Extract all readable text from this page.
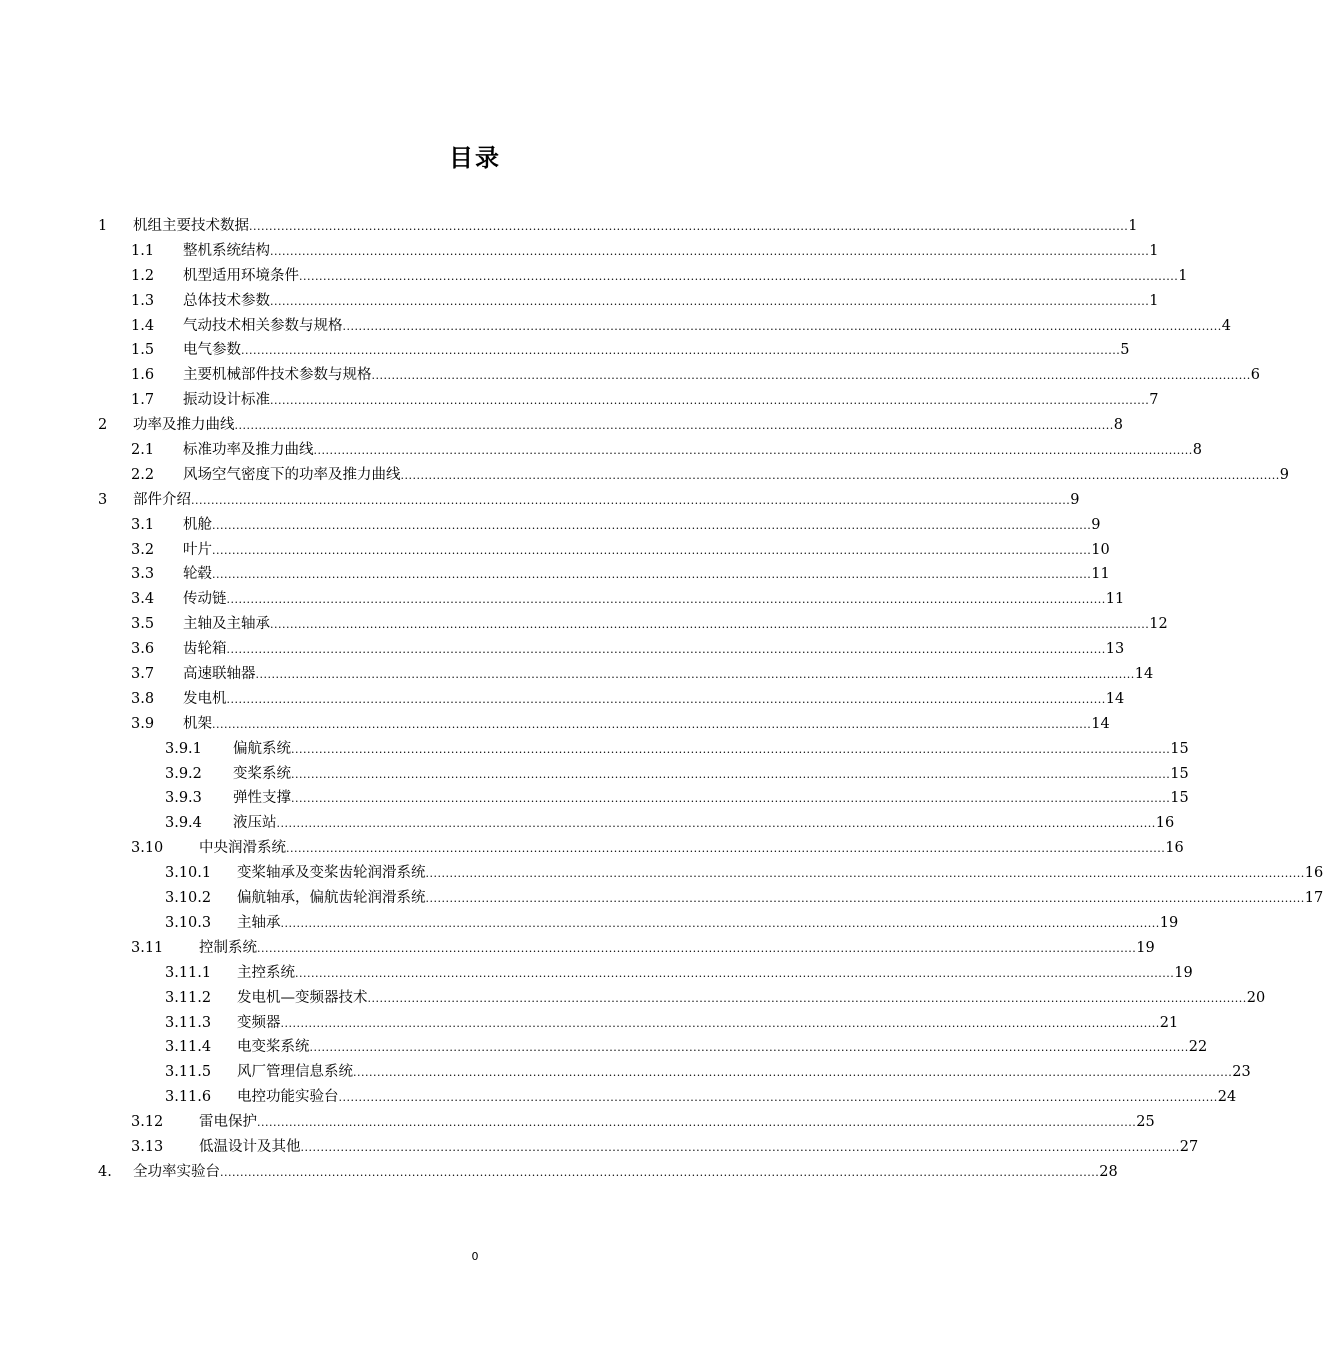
目录
1 机组主要技术数据 ............................................................................................................................................................................................................................ 1
1.1 整机系统结构 ............................................................................................................................................................................................................................ 1
1.2 机型适用环境条件 ............................................................................................................................................................................................................................ 1
1.3 总体技术参数 ............................................................................................................................................................................................................................ 1
1.4 气动技术相关参数与规格 ............................................................................................................................................................................................................................ 4
1.5 电气参数 ............................................................................................................................................................................................................................ 5
1.6 主要机械部件技术参数与规格 ............................................................................................................................................................................................................................ 6
1.7 振动设计标准 ............................................................................................................................................................................................................................ 7
2 功率及推力曲线 ............................................................................................................................................................................................................................ 8
2.1 标准功率及推力曲线 ............................................................................................................................................................................................................................ 8
2.2 风场空气密度下的功率及推力曲线 ............................................................................................................................................................................................................................ 9
3 部件介绍 ............................................................................................................................................................................................................................ 9
3.1 机舱 ............................................................................................................................................................................................................................ 9
3.2 叶片 ............................................................................................................................................................................................................................ 10
3.3 轮毂 ............................................................................................................................................................................................................................ 11
3.4 传动链 ............................................................................................................................................................................................................................ 11
3.5 主轴及主轴承 ............................................................................................................................................................................................................................ 12
3.6 齿轮箱 ............................................................................................................................................................................................................................ 13
3.7 高速联轴器 ............................................................................................................................................................................................................................ 14
3.8 发电机 ............................................................................................................................................................................................................................ 14
3.9 机架 ............................................................................................................................................................................................................................ 14
3.9.1 偏航系统 ............................................................................................................................................................................................................................ 15
3.9.2 变桨系统 ............................................................................................................................................................................................................................ 15
3.9.3 弹性支撑 ............................................................................................................................................................................................................................ 15
3.9.4 液压站 ............................................................................................................................................................................................................................ 16
3.10 中央润滑系统 ............................................................................................................................................................................................................................ 16
3.10.1 变桨轴承及变桨齿轮润滑系统 ............................................................................................................................................................................................................................ 16
3.10.2 偏航轴承，偏航齿轮润滑系统 ............................................................................................................................................................................................................................ 17
3.10.3 主轴承 ............................................................................................................................................................................................................................ 19
3.11 控制系统 ............................................................................................................................................................................................................................ 19
3.11.1 主控系统 ............................................................................................................................................................................................................................ 19
3.11.2 发电机—变频器技术 ............................................................................................................................................................................................................................ 20
3.11.3 变频器 ............................................................................................................................................................................................................................ 21
3.11.4 电变桨系统 ............................................................................................................................................................................................................................ 22
3.11.5 风厂管理信息系统 ............................................................................................................................................................................................................................ 23
3.11.6 电控功能实验台 ............................................................................................................................................................................................................................ 24
3.12 雷电保护 ............................................................................................................................................................................................................................ 25
3.13 低温设计及其他 ............................................................................................................................................................................................................................ 27
4. 全功率实验台 ............................................................................................................................................................................................................................ 28
0
